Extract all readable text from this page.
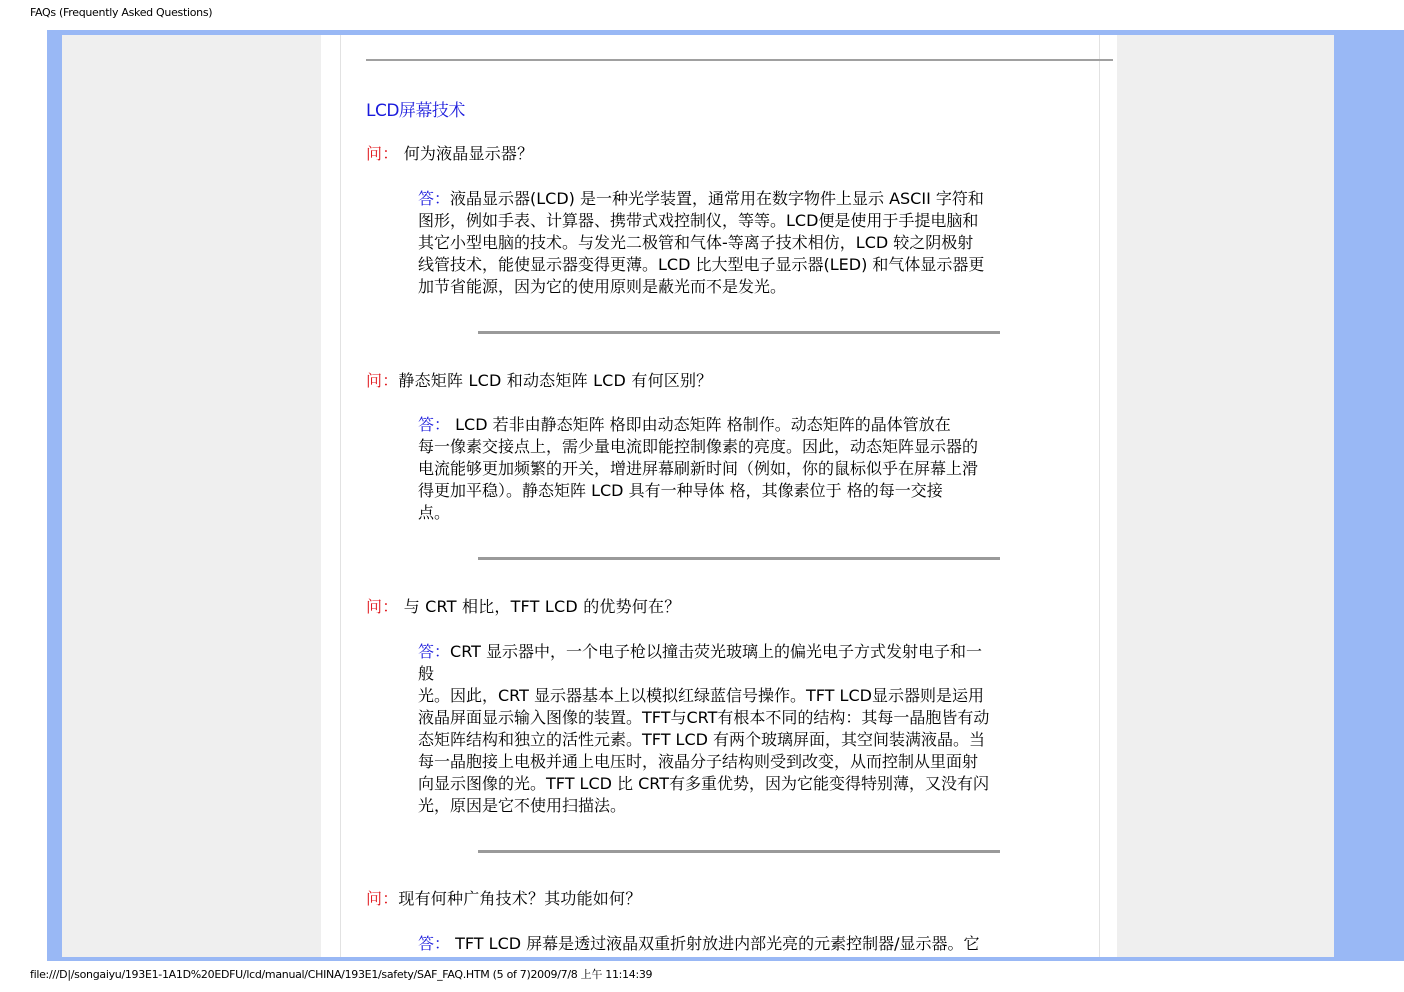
FAQs (Frequently Asked Questions)
LCD屏幕技术
问： 何为液晶显示器？
答：液晶显示器(LCD) 是一种光学装置，通常用在数字物件上显示 ASCII 字符和
图形，例如手表、计算器、携带式戏控制仪，等等。LCD便是使用于手提电脑和
其它小型电脑的技术。与发光二极管和气体-等离子技术相仿，LCD 较之阴极射
线管技术，能使显示器变得更薄。LCD 比大型电子显示器(LED) 和气体显示器更
加节省能源，因为它的使用原则是蔽光而不是发光。
问：静态矩阵 LCD 和动态矩阵 LCD 有何区别？
答： LCD 若非由静态矩阵 格即由动态矩阵 格制作。动态矩阵的晶体管放在
每一像素交接点上，需少量电流即能控制像素的亮度。因此，动态矩阵显示器的
电流能够更加频繁的开关，增进屏幕刷新时间（例如，你的鼠标似乎在屏幕上滑
得更加平稳）。静态矩阵 LCD 具有一种导体 格，其像素位于 格的每一交接
点。
问： 与 CRT 相比，TFT LCD 的优势何在？
答：CRT 显示器中，一个电子枪以撞击荧光玻璃上的偏光电子方式发射电子和一
般
光。因此，CRT 显示器基本上以模拟红绿蓝信号操作。TFT LCD显示器则是运用
液晶屏面显示输入图像的装置。TFT与CRT有根本不同的结构：其每一晶胞皆有动
态矩阵结构和独立的活性元素。TFT LCD 有两个玻璃屏面，其空间装满液晶。当
每一晶胞接上电极并通上电压时，液晶分子结构则受到改变，从而控制从里面射
向显示图像的光。TFT LCD 比 CRT有多重优势，因为它能变得特别薄，又没有闪
光，原因是它不使用扫描法。
问：现有何种广角技术？其功能如何？
答： TFT LCD 屏幕是透过液晶双重折射放进内部光亮的元素控制器/显示器。它
file:///D|/songaiyu/193E1-1A1D%20EDFU/lcd/manual/CHINA/193E1/safety/SAF_FAQ.HTM (5 of 7)2009/7/8 上午 11:14:39
